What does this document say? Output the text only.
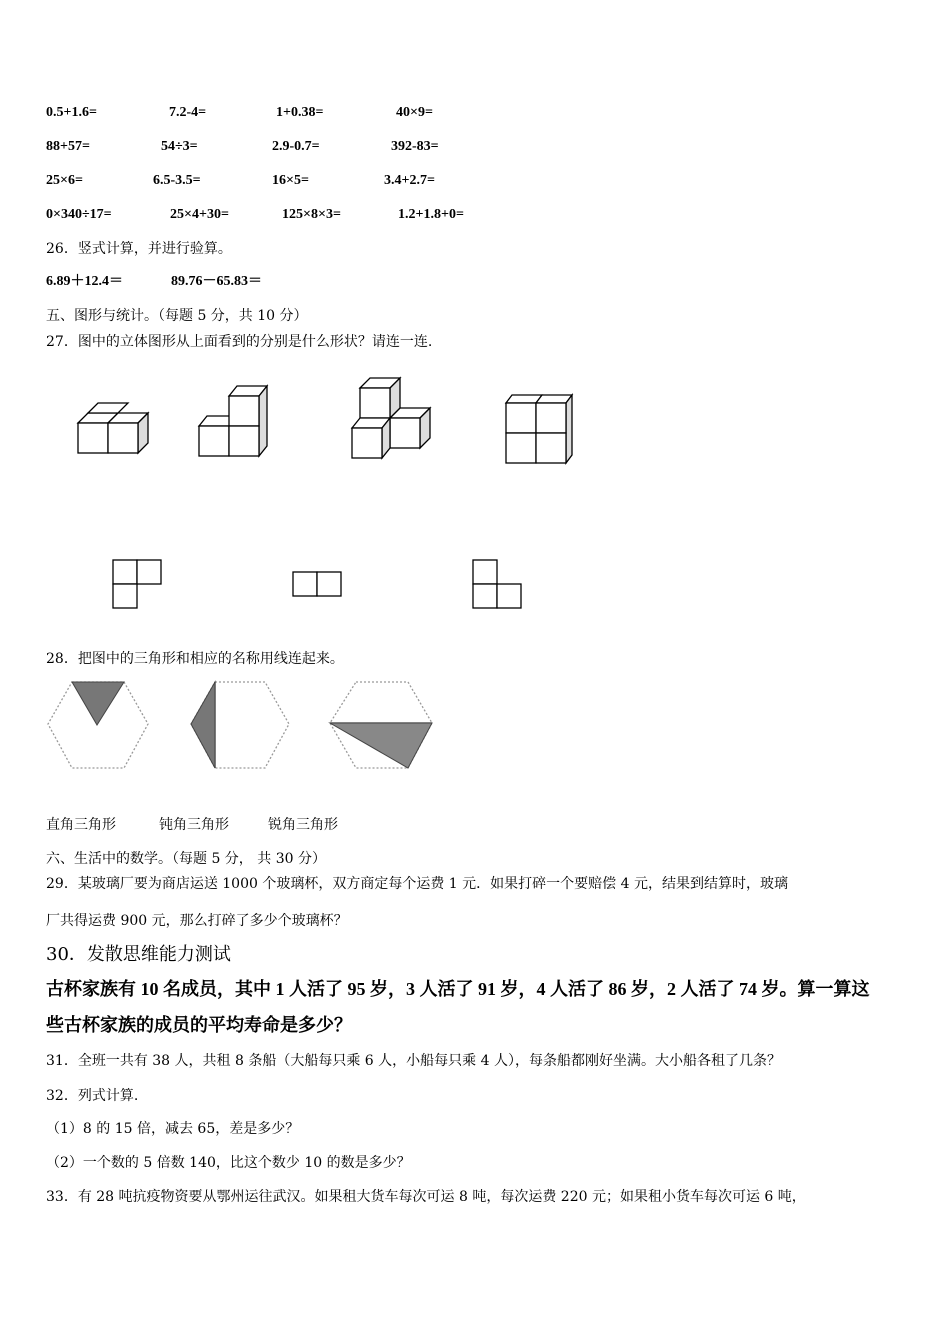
0.5+1.6=	7.2-4=	1+0.38=	40×9=
88+57=	54÷3=	2.9-0.7=	392-83=
25×6=	6.5-3.5=	16×5=	3.4+2.7=
0×340÷17=	25×4+30=	125×8×3=	1.2+1.8+0=
26．竖式计算，并进行验算。
6.89＋12.4＝	89.76－65.83＝
五、图形与统计。（每题 5 分，共 10 分）
27．图中的立体图形从上面看到的分别是什么形状？请连一连.
28．把图中的三角形和相应的名称用线连起来。
直角三角形	钝角三角形	锐角三角形
六、生活中的数学。（每题 5 分， 共 30 分）
29．某玻璃厂要为商店运送 1000 个玻璃杯，双方商定每个运费 1 元．如果打碎一个要赔偿 4 元，结果到结算时，玻璃
厂共得运费 900 元，那么打碎了多少个玻璃杯？
30．发散思维能力测试
古杯家族有 10 名成员，其中 1 人活了 95 岁，3 人活了 91 岁，4 人活了 86 岁，2 人活了 74 岁。算一算这
些古杯家族的成员的平均寿命是多少？
31．全班一共有 38 人，共租 8 条船（大船每只乘 6 人，小船每只乘 4 人），每条船都刚好坐满。大小船各租了几条？
32．列式计算.
（1）8 的 15 倍，减去 65，差是多少？
（2）一个数的 5 倍数 140，比这个数少 10 的数是多少？
33．有 28 吨抗疫物资要从鄂州运往武汉。如果租大货车每次可运 8 吨，每次运费 220 元；如果租小货车每次可运 6 吨，
